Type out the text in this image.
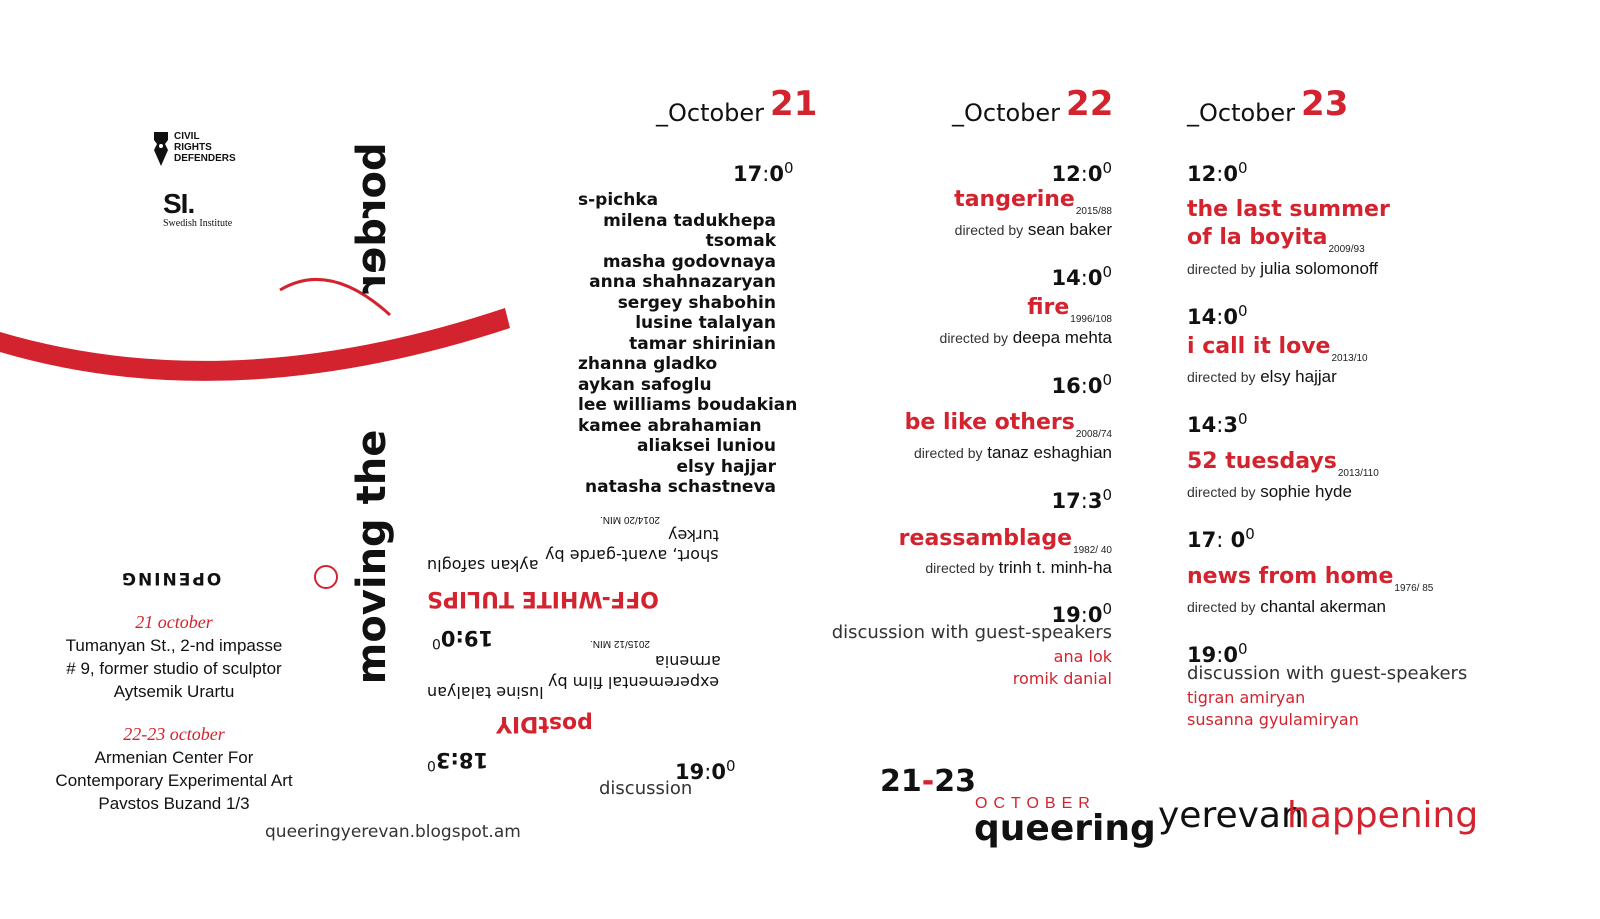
CIVIL
RIGHTS
DEFENDERS
SI.
Swedish Institute
moving the
border
OPENING
21 october
Tumanyan St., 2-nd impasse
# 9, former studio of sculptor
Aytsemik Urartu
22-23 october
Armenian Center For
Contemporary Experimental Art
Pavstos Buzand 1/3
queeringyerevan.blogspot.am
_October 21
$17:0^0$
s-pichka
milena tadukhepa
tsomak
masha godovnaya
anna shahnazaryan
sergey shabohin
lusine talalyan
tamar shirinian
zhanna gladko
aykan safoglu
lee williams boudakian
kamee abrahamian
aliaksei luniou
elsy hajjar
natasha schastneva
2014/20 MIN.
turkey
short, avant-garde by
aykan safoglu
OFF-WHITE TULIPS
$19:0^0$	2015/12 MIN.
armenia
experemental film by
lusine talalyan
postDIY
$18:3^0$	$19:0^0$
discussion
_October 22
$12:0^0$
tangerine$_{2015/88}$
directed by sean baker
$14:0^0$
fire$_{1996/108}$
directed by deepa mehta
$16:0^0$
be like others$_{2008/74}$
directed by tanaz eshaghian
$17:3^0$
reassamblage$_{1982/ 40}$
directed by trinh t. minh-ha
$19:0^0$
discussion with guest-speakers
ana lok
romik danial
_October 23
$12:0^0$
the last summer
of la boyita$_{2009/93}$
directed by julia solomonoff
$14:0^0$
i call it love$_{2013/10}$
directed by elsy hajjar
$14:3^0$
52 tuesdays$_{2013/110}$
directed by sophie hyde
17: $0^0$
news from home$_{1976/ 85}$
directed by chantal akerman
$19:0^0$
discussion with guest-speakers
tigran amiryan
susanna gyulamiryan
21-23
OCTOBER
queering yerevan
happening
